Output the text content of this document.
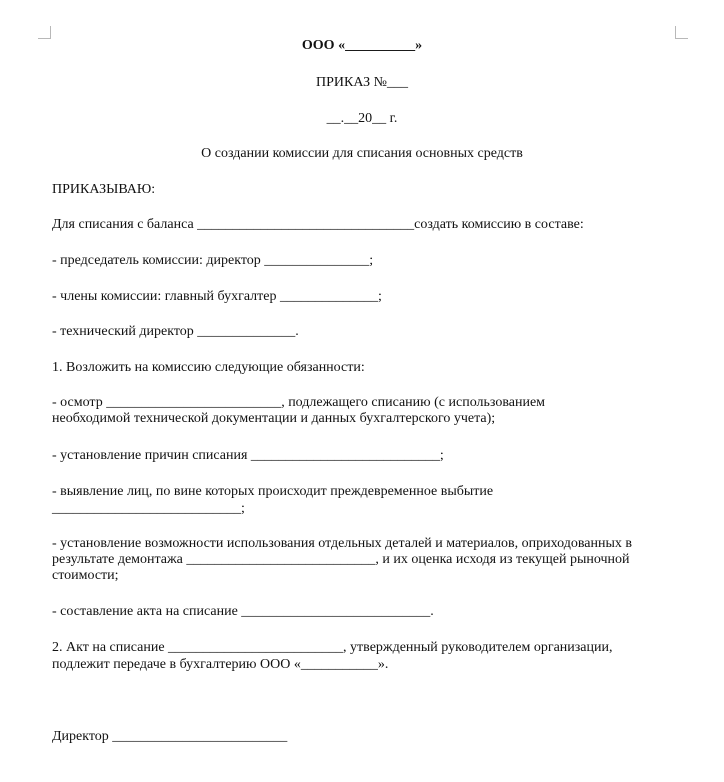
ООО «__________»
ПРИКАЗ №___
__.__20__ г.
О создании комиссии для списания основных средств
ПРИКАЗЫВАЮ:
Для списания с баланса _______________________________создать комиссию в составе:
- председатель комиссии: директор _______________;
- члены комиссии: главный бухгалтер ______________;
- технический директор ______________.
1. Возложить на комиссию следующие обязанности:
- осмотр _________________________, подлежащего списанию (с использованием
необходимой технической документации и данных бухгалтерского учета);
- установление причин списания ___________________________;
- выявление лиц, по вине которых происходит преждевременное выбытие
___________________________;
- установление возможности использования отдельных деталей и материалов, оприходованных в
результате демонтажа ___________________________, и их оценка исходя из текущей рыночной
стоимости;
- составление акта на списание ___________________________.
2. Акт на списание _________________________, утвержденный руководителем организации,
подлежит передаче в бухгалтерию ООО «___________».
Директор _________________________
